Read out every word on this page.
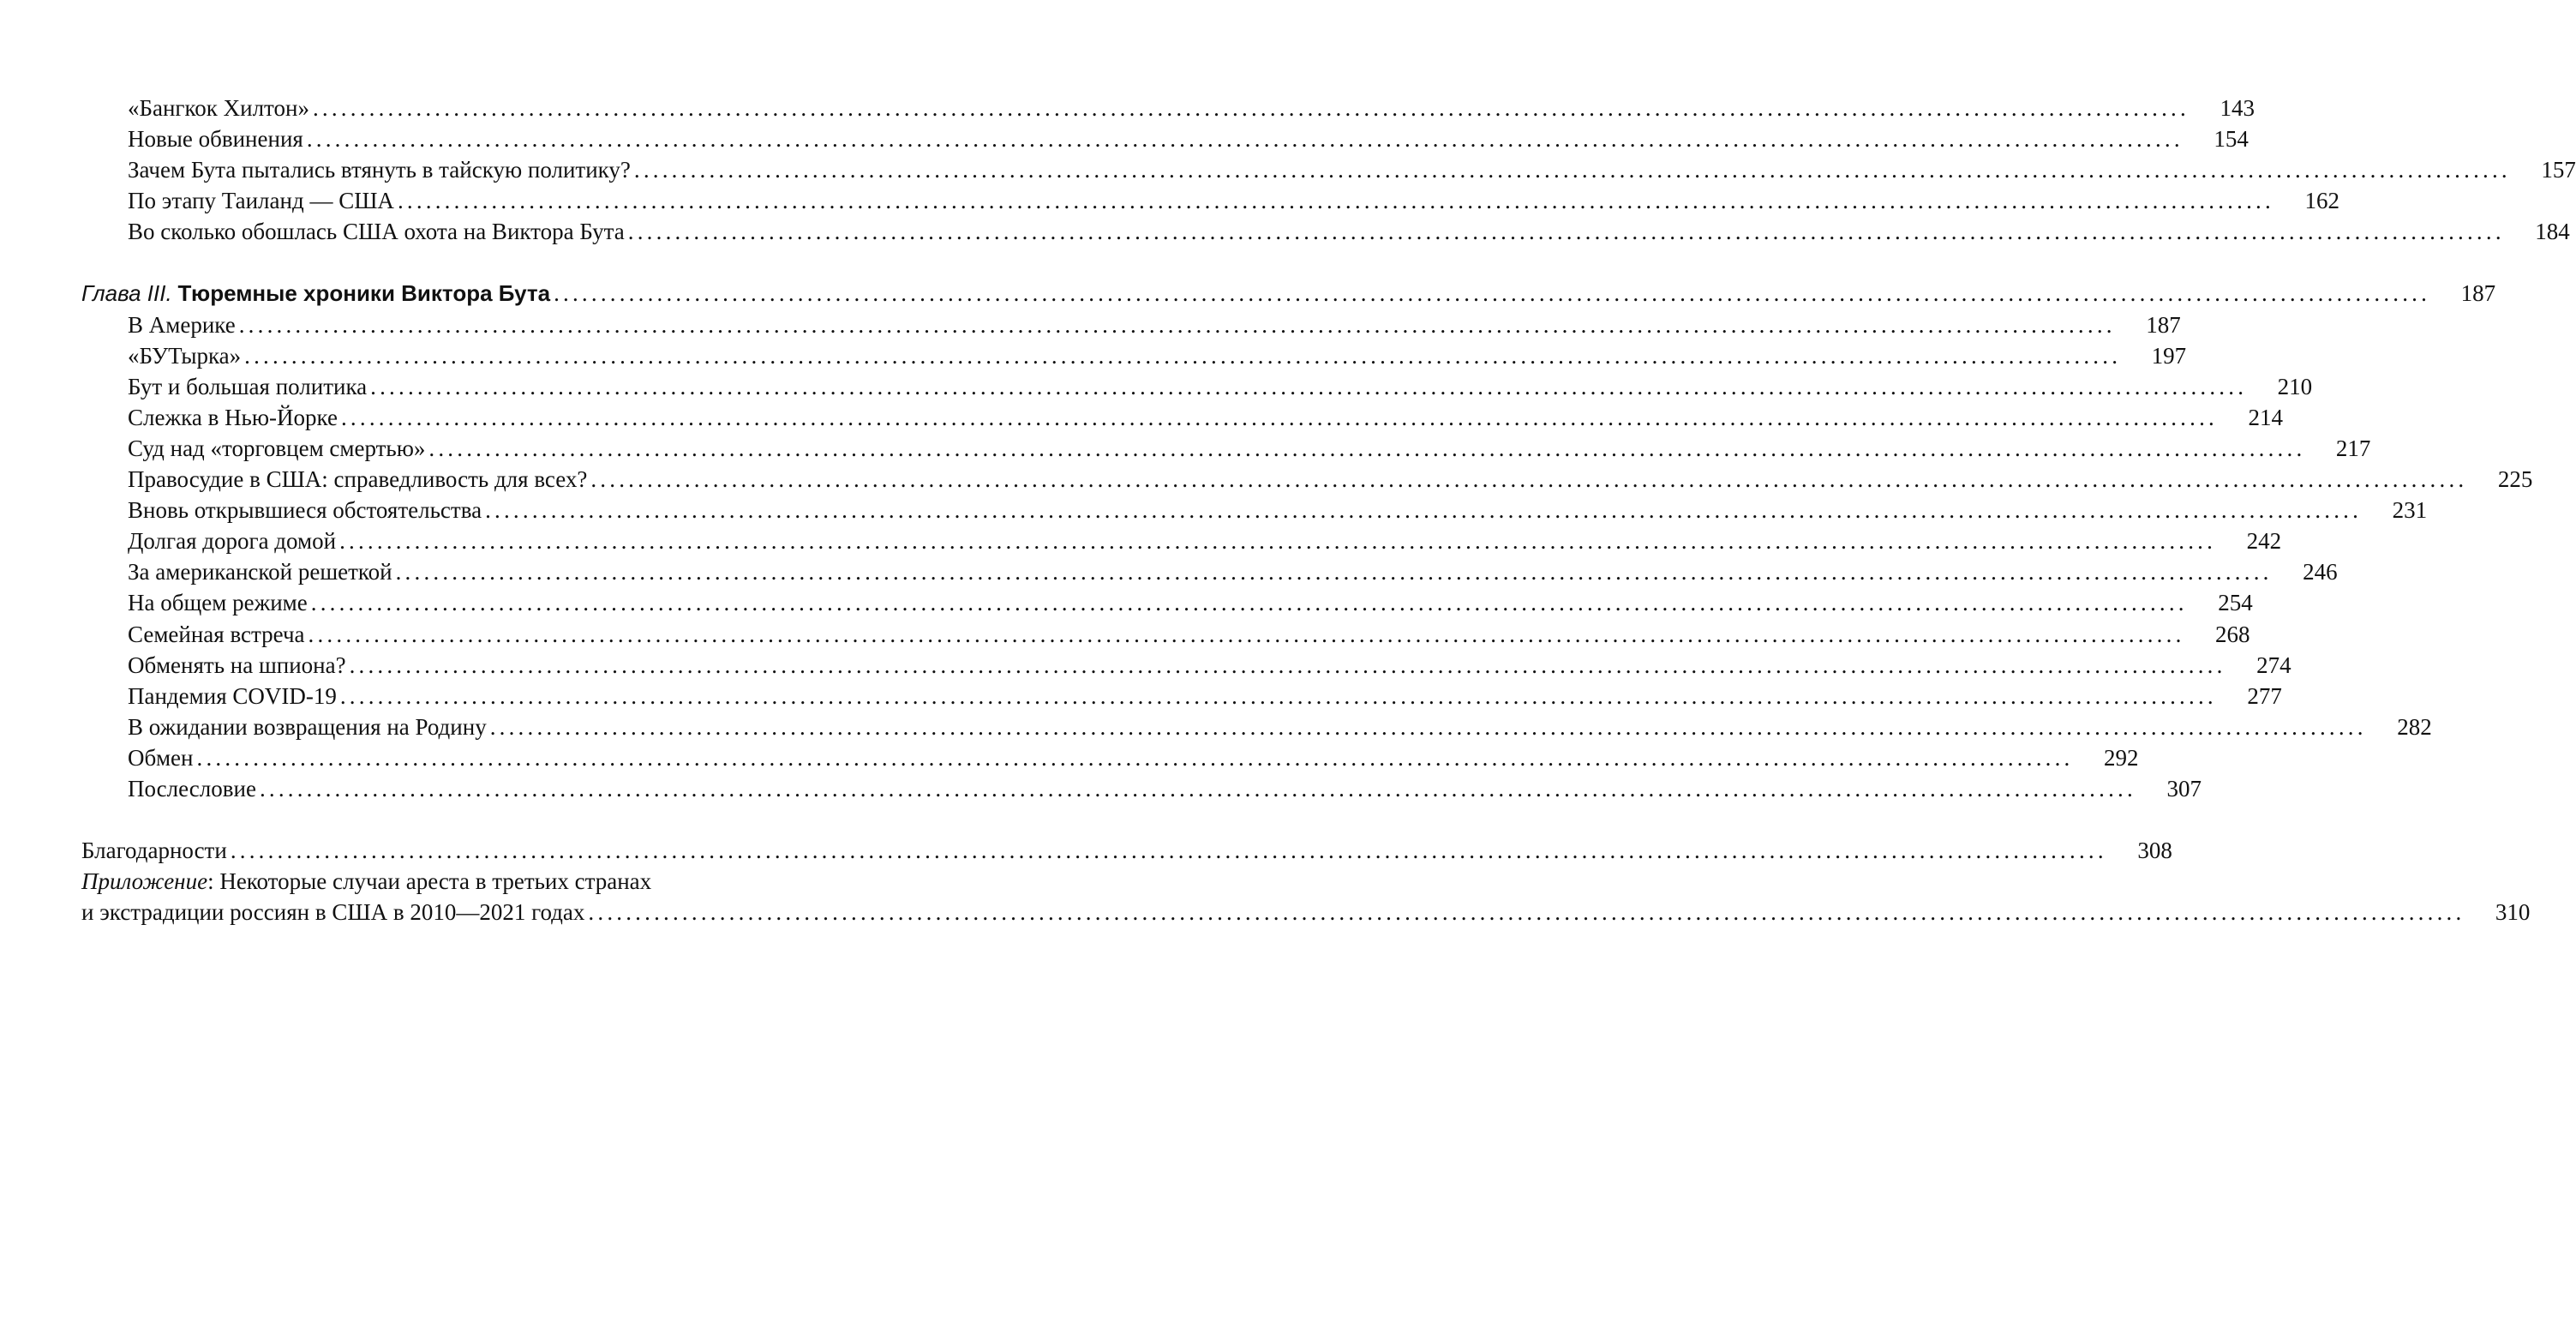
«Бангкок Хилтон» ........................................................................................................................................................................................................	143
Новые обвинения ........................................................................................................................................................................................................	154
Зачем Бута пытались втянуть в тайскую политику? ........................................................................................................................................................................................................	157
По этапу Таиланд — США ........................................................................................................................................................................................................	162
Во сколько обошлась США охота на Виктора Бута ........................................................................................................................................................................................................	184
Глава III. Тюремные хроники Виктора Бута ........................................................................................................................................................................................................	187
В Америке ........................................................................................................................................................................................................	187
«БУТырка» ........................................................................................................................................................................................................	197
Бут и большая политика ........................................................................................................................................................................................................	210
Слежка в Нью-Йорке ........................................................................................................................................................................................................	214
Суд над «торговцем смертью» ........................................................................................................................................................................................................	217
Правосудие в США: справедливость для всех? ........................................................................................................................................................................................................	225
Вновь открывшиеся обстоятельства ........................................................................................................................................................................................................	231
Долгая дорога домой ........................................................................................................................................................................................................	242
За американской решеткой ........................................................................................................................................................................................................	246
На общем режиме ........................................................................................................................................................................................................	254
Семейная встреча ........................................................................................................................................................................................................	268
Обменять на шпиона? ........................................................................................................................................................................................................	274
Пандемия COVID-19 ........................................................................................................................................................................................................	277
В ожидании возвращения на Родину ........................................................................................................................................................................................................	282
Обмен ........................................................................................................................................................................................................	292
Послесловие ........................................................................................................................................................................................................	307
Благодарности ........................................................................................................................................................................................................	308
Приложение: Некоторые случаи ареста в третьих странах
и экстрадиции россиян в США в 2010—2021 годах ........................................................................................................................................................................................................	310
